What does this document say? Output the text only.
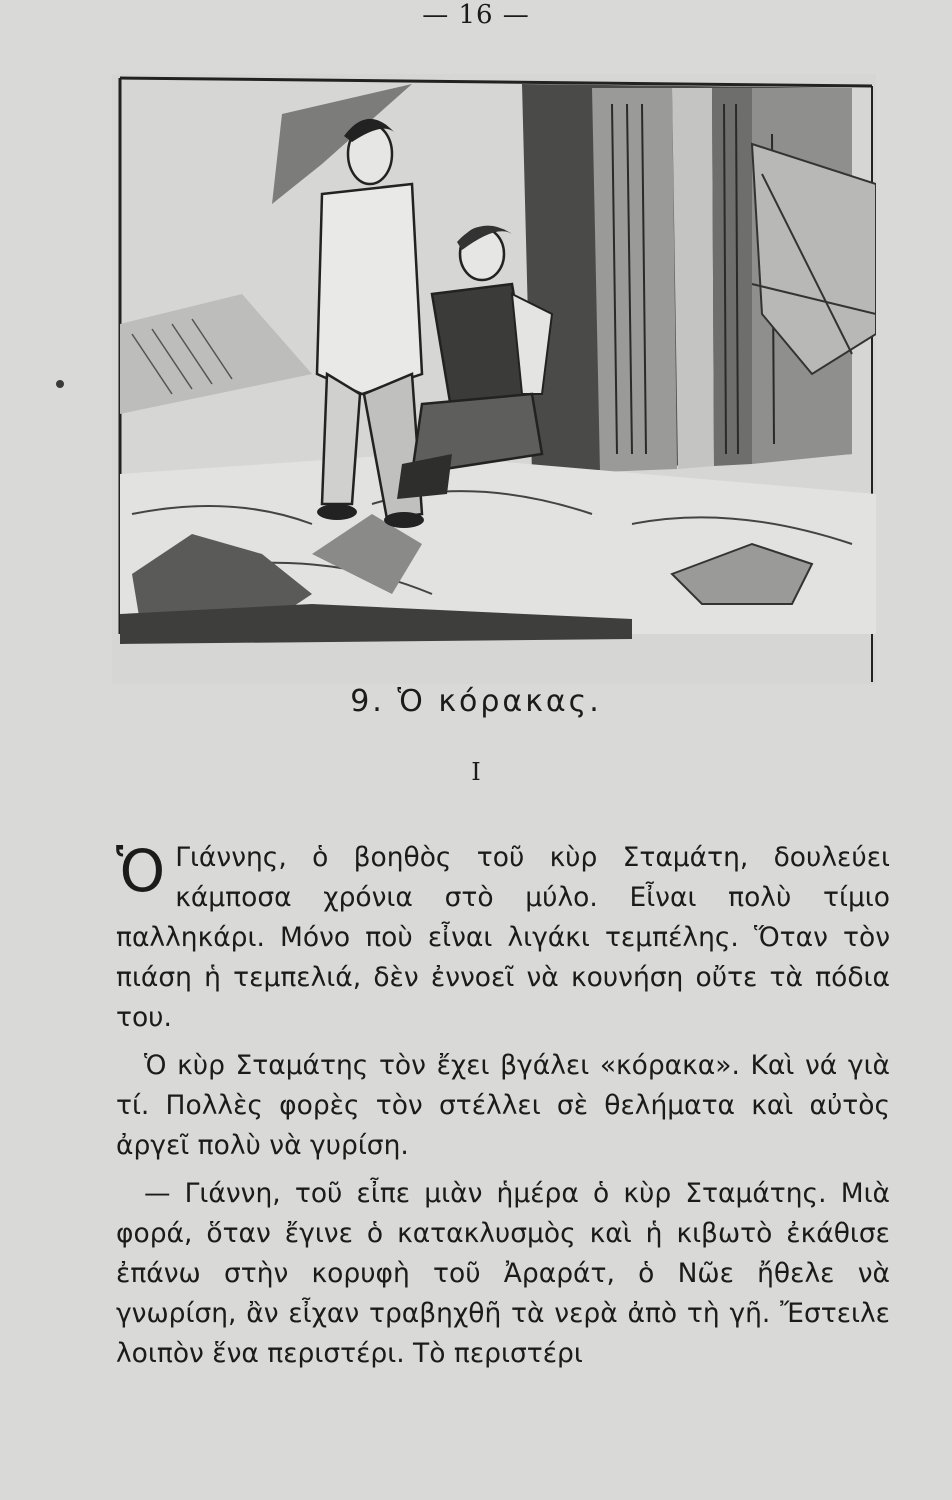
— 16 —
9. Ὁ κόρακας.
Ι
Ὁ Γιάννης, ὁ βοηθὸς τοῦ κὺρ Σταμάτη, δουλεύει κάμποσα χρόνια στὸ μύλο. Εἶναι πολὺ τίμιο παλληκάρι. Μόνο ποὺ εἶναι λιγάκι τεμπέλης. Ὅταν τὸν πιάση ἡ τεμπελιά, δὲν ἐννοεῖ νὰ κουνήση οὔτε τὰ πόδια του.
Ὁ κὺρ Σταμάτης τὸν ἔχει βγάλει «κόρακα». Καὶ νά γιὰ τί. Πολλὲς φορὲς τὸν στέλλει σὲ θελήματα καὶ αὐτὸς ἀργεῖ πολὺ νὰ γυρίση.
— Γιάννη, τοῦ εἶπε μιὰν ἡμέρα ὁ κὺρ Σταμάτης. Μιὰ φορά, ὅταν ἔγινε ὁ κατακλυσμὸς καὶ ἡ κιβωτὸ ἐκάθισε ἐπάνω στὴν κορυφὴ τοῦ Ἀραράτ, ὁ Νῶε ἤθελε νὰ γνωρίση, ἂν εἶχαν τραβηχθῆ τὰ νερὰ ἀπὸ τὴ γῆ. Ἔστειλε λοιπὸν ἕνα περιστέρι. Τὸ περιστέρι
